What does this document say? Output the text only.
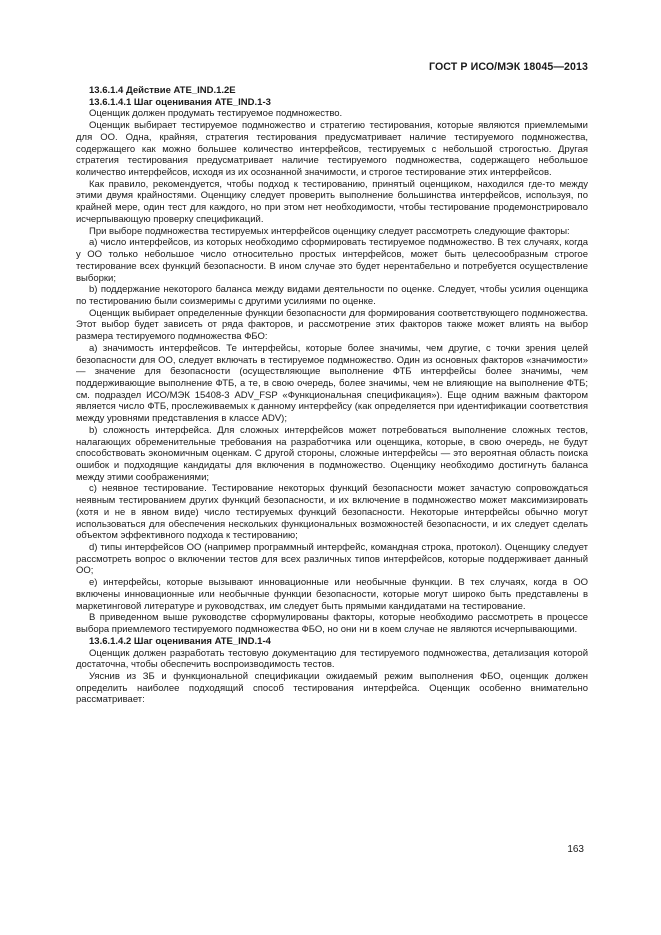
ГОСТ Р ИСО/МЭК 18045—2013

13.6.1.4 Действие ATE_IND.1.2E

13.6.1.4.1 Шаг оценивания ATE_IND.1-3

Оценщик должен продумать тестируемое подмножество.

Оценщик выбирает тестируемое подмножество и стратегию тестирования, которые являются приемлемыми для ОО. Одна, крайняя, стратегия тестирования предусматривает наличие тестируемого подмножества, содержащего как можно большее количество интерфейсов, тестируемых с небольшой строгостью. Другая стратегия тестирования предусматривает наличие тестируемого подмножества, содержащего небольшое количество интерфейсов, исходя из их осознанной значимости, и строгое тестирование этих интерфейсов.

Как правило, рекомендуется, чтобы подход к тестированию, принятый оценщиком, находился где-то между этими двумя крайностями. Оценщику следует проверить выполнение большинства интерфейсов, используя, по крайней мере, один тест для каждого, но при этом нет необходимости, чтобы тестирование продемонстрировало исчерпывающую проверку спецификаций.

При выборе подмножества тестируемых интерфейсов оценщику следует рассмотреть следующие факторы:

a) число интерфейсов, из которых необходимо сформировать тестируемое подмножество. В тех случаях, когда у ОО только небольшое число относительно простых интерфейсов, может быть целесообразным строгое тестирование всех функций безопасности. В ином случае это будет нерентабельно и потребуется осуществление выборки;

b) поддержание некоторого баланса между видами деятельности по оценке. Следует, чтобы усилия оценщика по тестированию были соизмеримы с другими усилиями по оценке.

Оценщик выбирает определенные функции безопасности для формирования соответствующего подмножества. Этот выбор будет зависеть от ряда факторов, и рассмотрение этих факторов также может влиять на выбор размера тестируемого подмножества ФБО:

a) значимость интерфейсов. Те интерфейсы, которые более значимы, чем другие, с точки зрения целей безопасности для ОО, следует включать в тестируемое подмножество. Один из основных факторов «значимости» — значение для безопасности (осуществляющие выполнение ФТБ интерфейсы более значимы, чем поддерживающие выполнение ФТБ, а те, в свою очередь, более значимы, чем не влияющие на выполнение ФТБ; см. подраздел ИСО/МЭК 15408-3 ADV_FSP «Функциональная спецификация»). Еще одним важным фактором является число ФТБ, прослеживаемых к данному интерфейсу (как определяется при идентификации соответствия между уровнями представления в классе ADV);

b) сложность интерфейса. Для сложных интерфейсов может потребоваться выполнение сложных тестов, налагающих обременительные требования на разработчика или оценщика, которые, в свою очередь, не будут способствовать экономичным оценкам. С другой стороны, сложные интерфейсы — это вероятная область поиска ошибок и подходящие кандидаты для включения в подмножество. Оценщику необходимо достигнуть баланса между этими соображениями;

c) неявное тестирование. Тестирование некоторых функций безопасности может зачастую сопровождаться неявным тестированием других функций безопасности, и их включение в подмножество может максимизировать (хотя и не в явном виде) число тестируемых функций безопасности. Некоторые интерфейсы обычно могут использоваться для обеспечения нескольких функциональных возможностей безопасности, и их следует сделать объектом эффективного подхода к тестированию;

d) типы интерфейсов ОО (например программный интерфейс, командная строка, протокол). Оценщику следует рассмотреть вопрос о включении тестов для всех различных типов интерфейсов, которые поддерживает данный ОО;

e) интерфейсы, которые вызывают инновационные или необычные функции. В тех случаях, когда в ОО включены инновационные или необычные функции безопасности, которые могут широко быть представлены в маркетинговой литературе и руководствах, им следует быть прямыми кандидатами на тестирование.

В приведенном выше руководстве сформулированы факторы, которые необходимо рассмотреть в процессе выбора приемлемого тестируемого подмножества ФБО, но они ни в коем случае не являются исчерпывающими.

13.6.1.4.2 Шаг оценивания ATE_IND.1-4

Оценщик должен разработать тестовую документацию для тестируемого подмножества, детализация которой достаточна, чтобы обеспечить воспроизводимость тестов.

Уяснив из ЗБ и функциональной спецификации ожидаемый режим выполнения ФБО, оценщик должен определить наиболее подходящий способ тестирования интерфейса. Оценщик особенно внимательно рассматривает:

163
